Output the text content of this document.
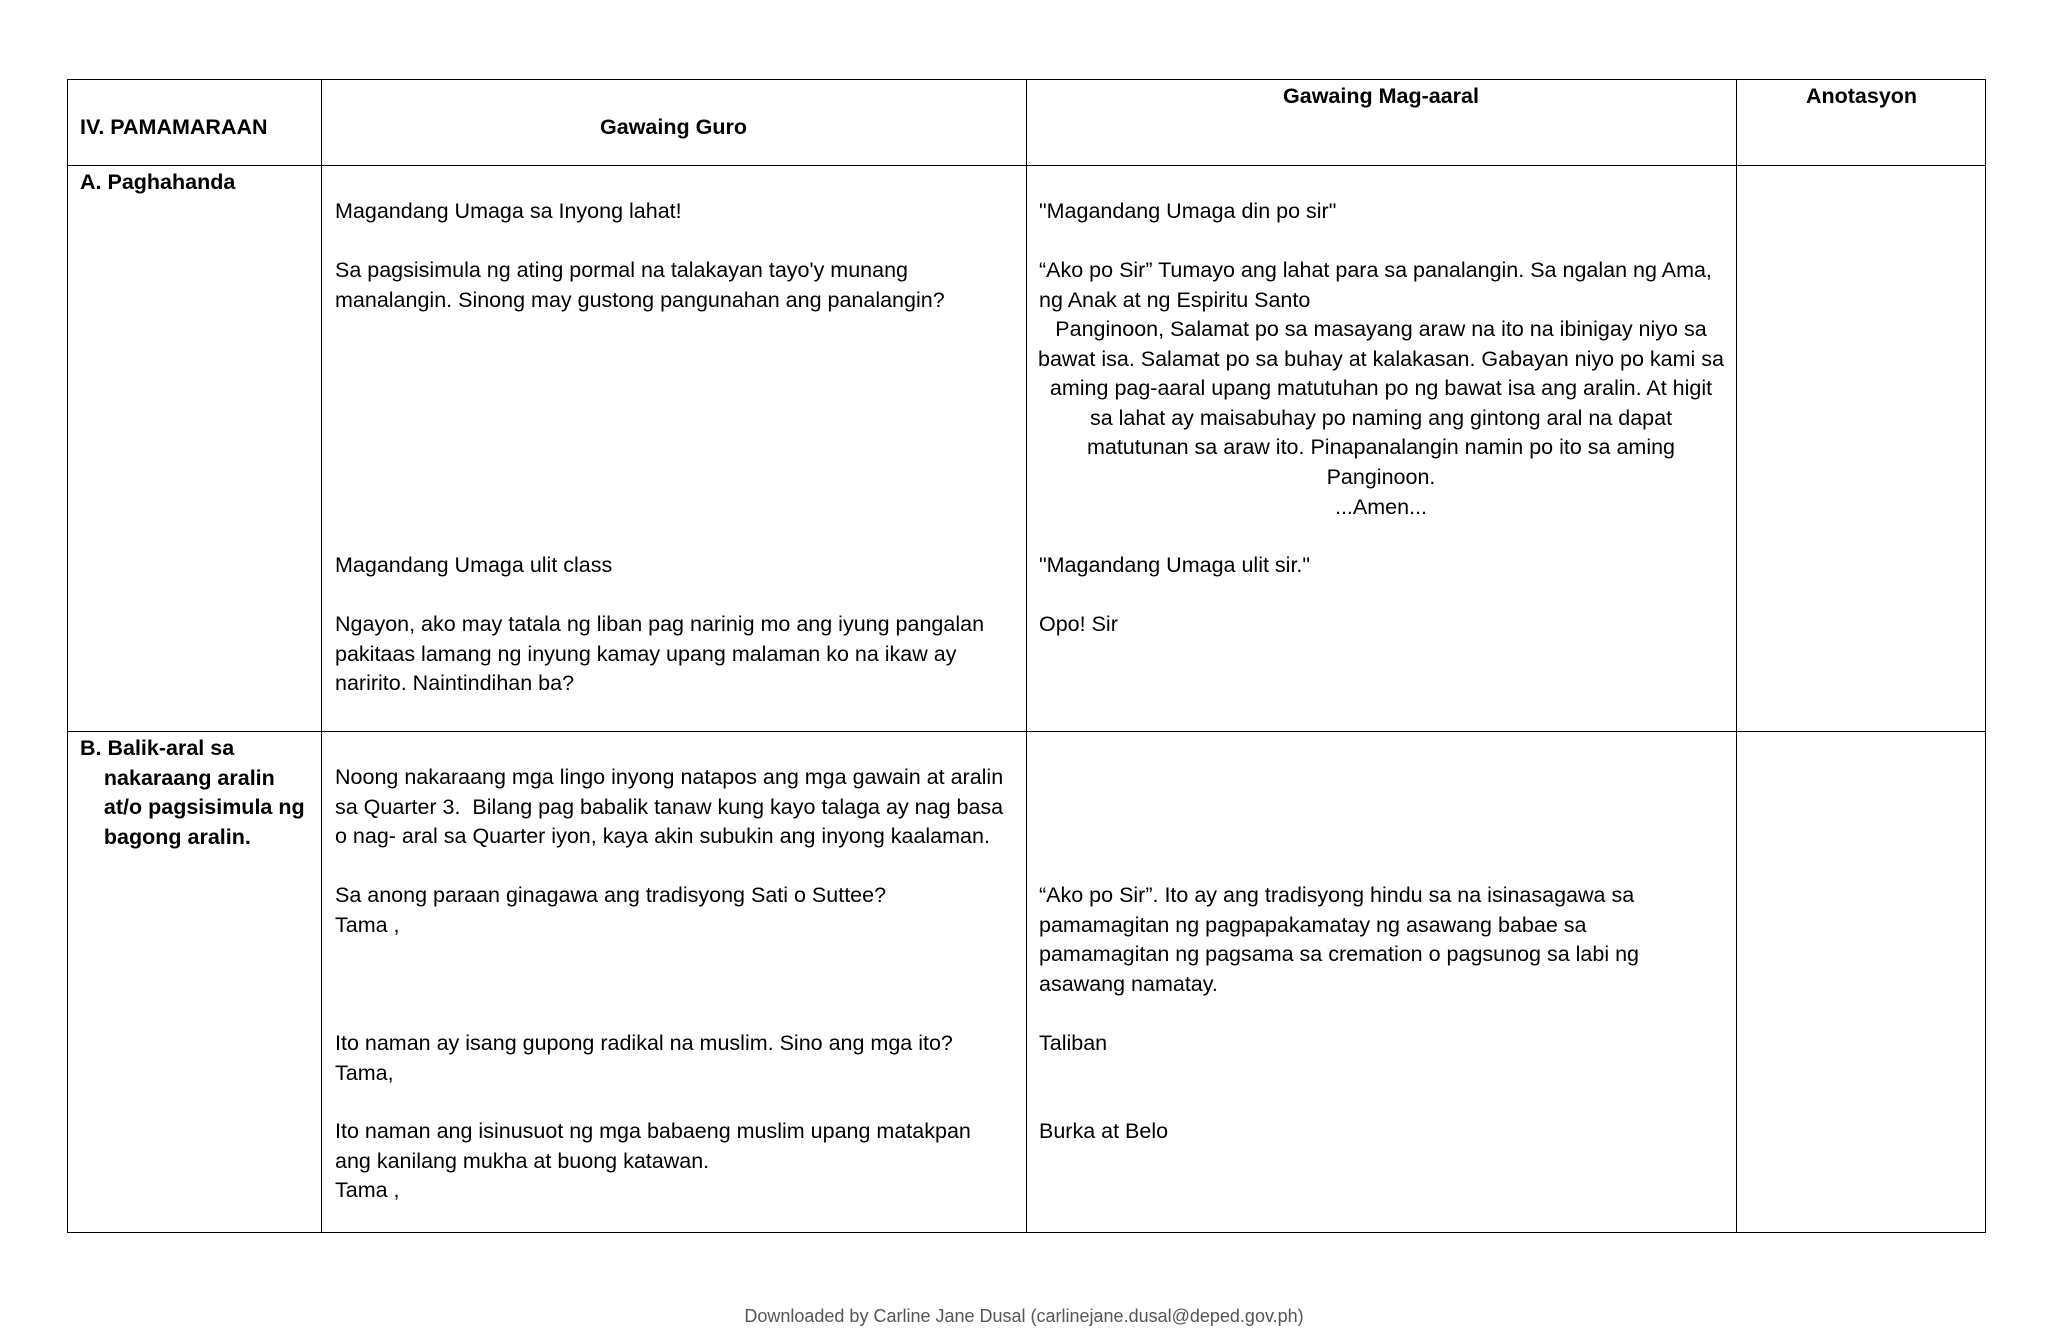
IV. PAMAMARAAN	Gawaing Guro
Gawaing Mag-aaral	Anotasyon
A. Paghahanda
Magandang Umaga sa Inyong lahat!
Sa pagsisimula ng ating pormal na talakayan tayo'y munang
manalangin. Sinong may gustong pangunahan ang panalangin?
Magandang Umaga ulit class
Ngayon, ako may tatala ng liban pag narinig mo ang iyung pangalan
pakitaas lamang ng inyung kamay upang malaman ko na ikaw ay
naririto. Naintindihan ba?
"Magandang Umaga din po sir"
“Ako po Sir” Tumayo ang lahat para sa panalangin. Sa ngalan ng Ama,
ng Anak at ng Espiritu Santo
Panginoon, Salamat po sa masayang araw na ito na ibinigay niyo sa
bawat isa. Salamat po sa buhay at kalakasan. Gabayan niyo po kami sa
aming pag-aaral upang matutuhan po ng bawat isa ang aralin. At higit
sa lahat ay maisabuhay po naming ang gintong aral na dapat
matutunan sa araw ito. Pinapanalangin namin po ito sa aming
Panginoon.
...Amen...
"Magandang Umaga ulit sir."
Opo! Sir
B. Balik-aral sa
nakaraang aralin
at/o pagsisimula ng
bagong aralin.
Noong nakaraang mga lingo inyong natapos ang mga gawain at aralin
sa Quarter 3.  Bilang pag babalik tanaw kung kayo talaga ay nag basa
o nag- aral sa Quarter iyon, kaya akin subukin ang inyong kaalaman.
Sa anong paraan ginagawa ang tradisyong Sati o Suttee?
Tama ,
Ito naman ay isang gupong radikal na muslim. Sino ang mga ito?
Tama,
Ito naman ang isinusuot ng mga babaeng muslim upang matakpan
ang kanilang mukha at buong katawan.
Tama ,
“Ako po Sir”. Ito ay ang tradisyong hindu sa na isinasagawa sa
pamamagitan ng pagpapakamatay ng asawang babae sa
pamamagitan ng pagsama sa cremation o pagsunog sa labi ng
asawang namatay.
Taliban
Burka at Belo
Downloaded by Carline Jane Dusal (carlinejane.dusal@deped.gov.ph)
